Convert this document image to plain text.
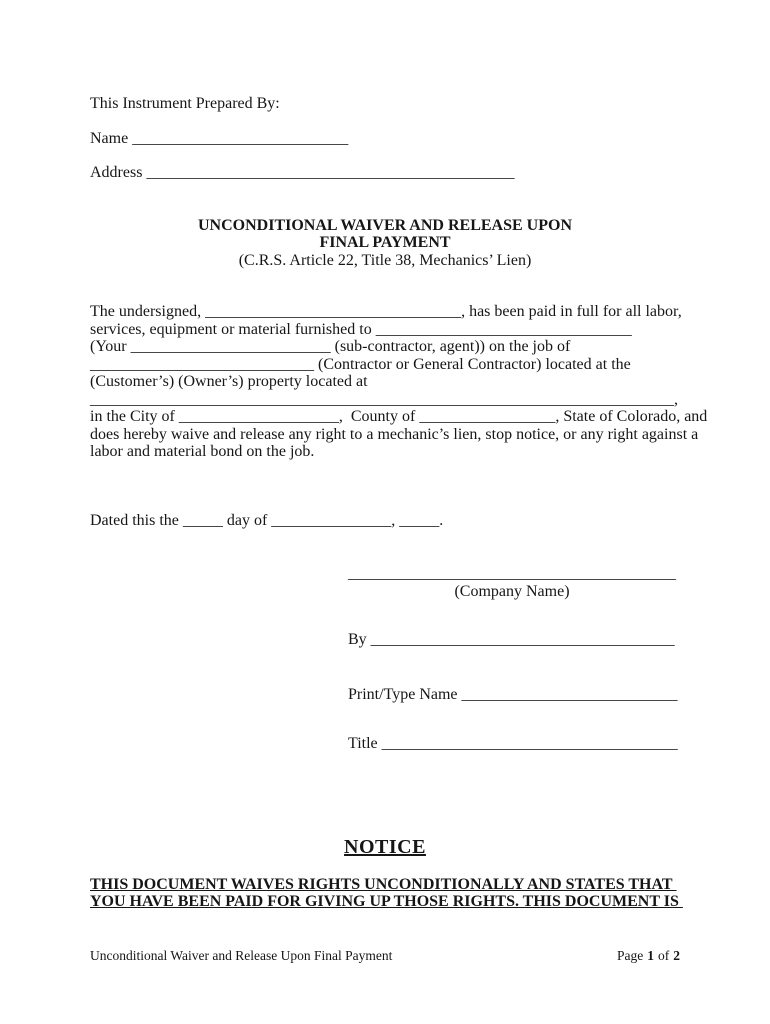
This Instrument Prepared By:
Name ___________________________
Address ______________________________________________
UNCONDITIONAL WAIVER AND RELEASE UPON
FINAL PAYMENT
(C.R.S. Article 22, Title 38, Mechanics’ Lien)
The undersigned, ________________________________, has been paid in full for all labor,
services, equipment or material furnished to ________________________________
(Your _________________________ (sub-contractor, agent)) on the job of
____________________________ (Contractor or General Contractor) located at the
(Customer’s) (Owner’s) property located at
_________________________________________________________________________,
in the City of ____________________,  County of _________________, State of Colorado, and
does hereby waive and release any right to a mechanic’s lien, stop notice, or any right against a
labor and material bond on the job.
Dated this the _____ day of _______________, _____.
_________________________________________
(Company Name)
By ______________________________________
Print/Type Name ___________________________
Title _____________________________________
NOTICE
THIS DOCUMENT WAIVES RIGHTS UNCONDITIONALLY AND STATES THAT
YOU HAVE BEEN PAID FOR GIVING UP THOSE RIGHTS. THIS DOCUMENT IS
Unconditional Waiver and Release Upon Final Payment	Page 1 of 2
